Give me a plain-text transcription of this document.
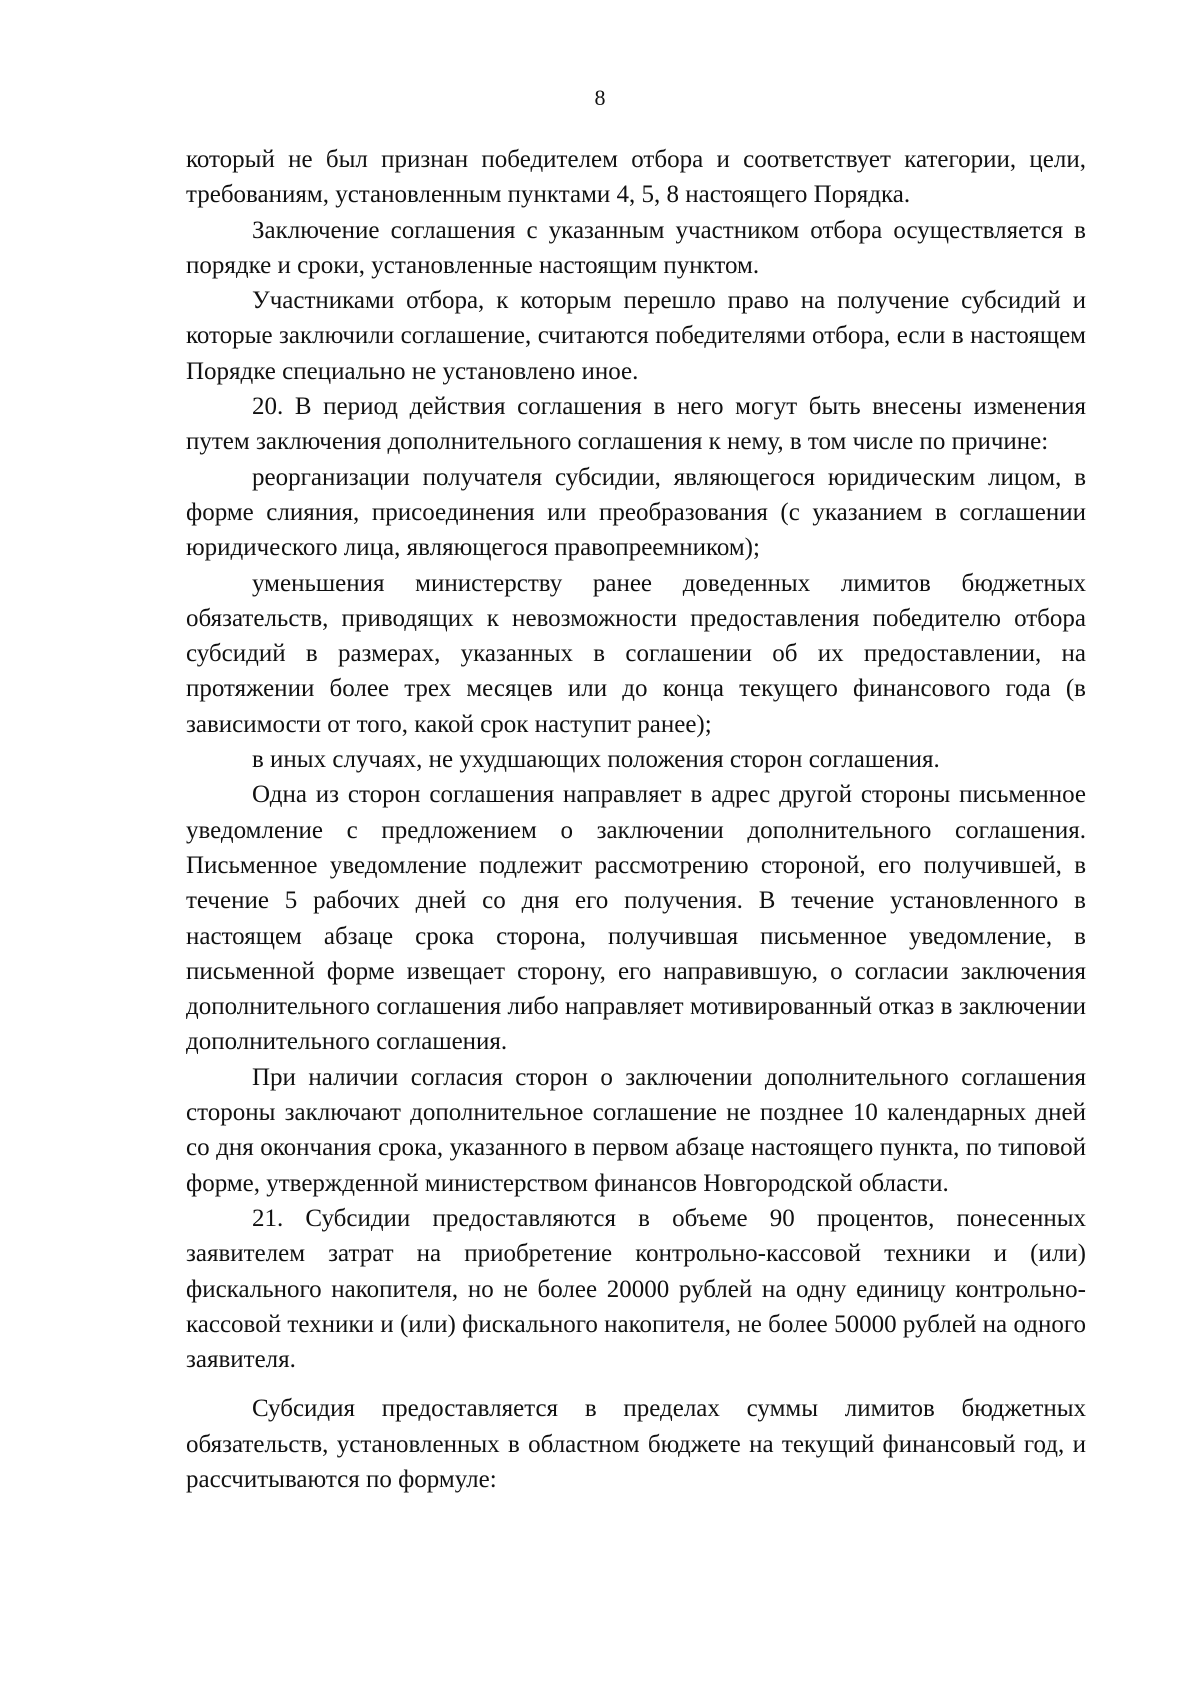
8

который не был признан победителем отбора и соответствует категории, цели, требованиям, установленным пунктами 4, 5, 8 настоящего Порядка.

Заключение соглашения с указанным участником отбора осуществляется в порядке и сроки, установленные настоящим пунктом.

Участниками отбора, к которым перешло право на получение субсидий и которые заключили соглашение, считаются победителями отбора, если в настоящем Порядке специально не установлено иное.

20. В период действия соглашения в него могут быть внесены изменения путем заключения дополнительного соглашения к нему, в том числе по причине:

реорганизации получателя субсидии, являющегося юридическим лицом, в форме слияния, присоединения или преобразования (с указанием в соглашении юридического лица, являющегося правопреемником);

уменьшения министерству ранее доведенных лимитов бюджетных обязательств, приводящих к невозможности предоставления победителю отбора субсидий в размерах, указанных в соглашении об их предоставлении, на протяжении более трех месяцев или до конца текущего финансового года (в зависимости от того, какой срок наступит ранее);

в иных случаях, не ухудшающих положения сторон соглашения.

Одна из сторон соглашения направляет в адрес другой стороны письменное уведомление с предложением о заключении дополнительного соглашения. Письменное уведомление подлежит рассмотрению стороной, его получившей, в течение 5 рабочих дней со дня его получения. В течение установленного в настоящем абзаце срока сторона, получившая письменное уведомление, в письменной форме извещает сторону, его направившую, о согласии заключения дополнительного соглашения либо направляет мотивированный отказ в заключении дополнительного соглашения.

При наличии согласия сторон о заключении дополнительного соглашения стороны заключают дополнительное соглашение не позднее 10 календарных дней со дня окончания срока, указанного в первом абзаце настоящего пункта, по типовой форме, утвержденной министерством финансов Новгородской области.

21. Субсидии предоставляются в объеме 90 процентов, понесенных заявителем затрат на приобретение контрольно-кассовой техники и (или) фискального накопителя, но не более 20000 рублей на одну единицу контрольно-кассовой техники и (или) фискального накопителя, не более 50000 рублей на одного заявителя.

Субсидия предоставляется в пределах суммы лимитов бюджетных обязательств, установленных в областном бюджете на текущий финансовый год, и рассчитываются по формуле:
